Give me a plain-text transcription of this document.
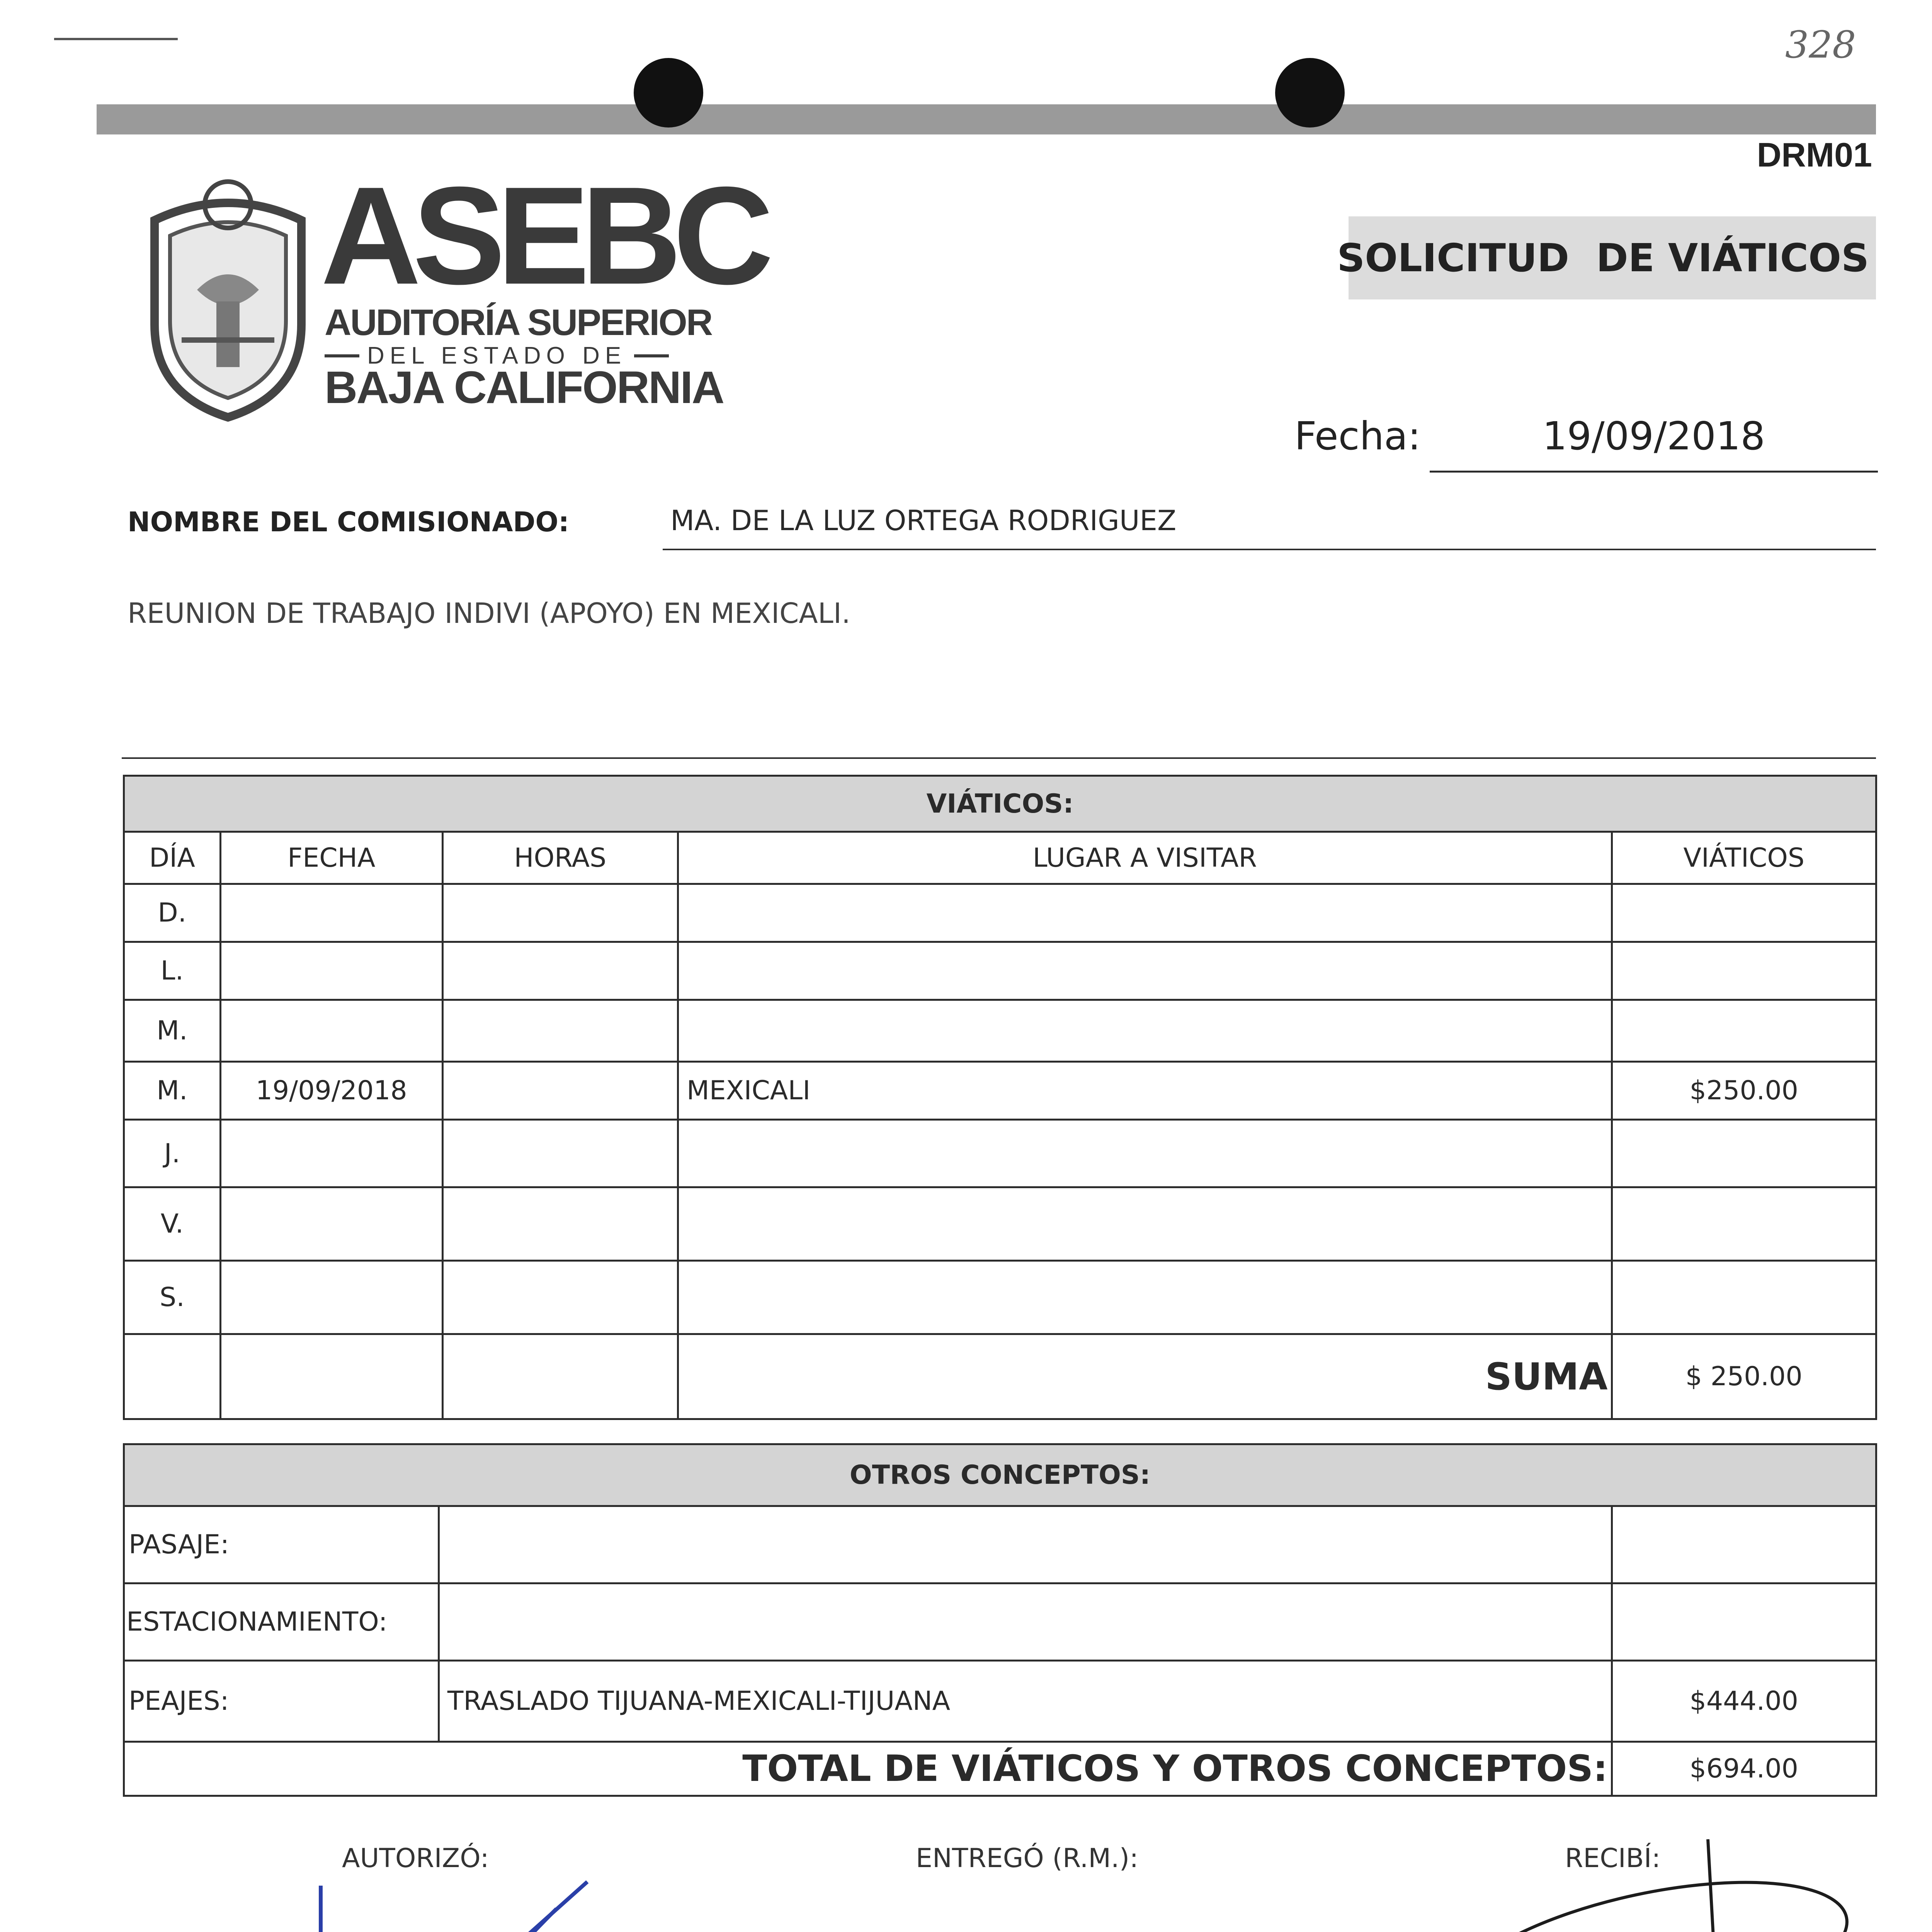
328
DRM01
SOLICITUD  DE VIÁTICOS
ASEBC
AUDITORÍA SUPERIOR
DEL ESTADO DE
BAJA CALIFORNIA
Fecha:	19/09/2018
NOMBRE DEL COMISIONADO:	MA. DE LA LUZ ORTEGA RODRIGUEZ
REUNION DE TRABAJO INDIVI (APOYO) EN MEXICALI.
VIÁTICOS:				
DÍA	FECHA	HORAS	LUGAR A VISITAR	VIÁTICOS
D.				
L.				
M.				
M.	19/09/2018		MEXICALI	$250.00
J.				
V.				
S.				
			SUMA	$ 250.00
OTROS CONCEPTOS:		
PASAJE:		
ESTACIONAMIENTO:		
PEAJES:	TRASLADO TIJUANA-MEXICALI-TIJUANA	$444.00
TOTAL DE VIÁTICOS Y OTROS CONCEPTOS:		$694.00
AUTORIZÓ:	ENTREGÓ (R.M.):	RECIBÍ:
